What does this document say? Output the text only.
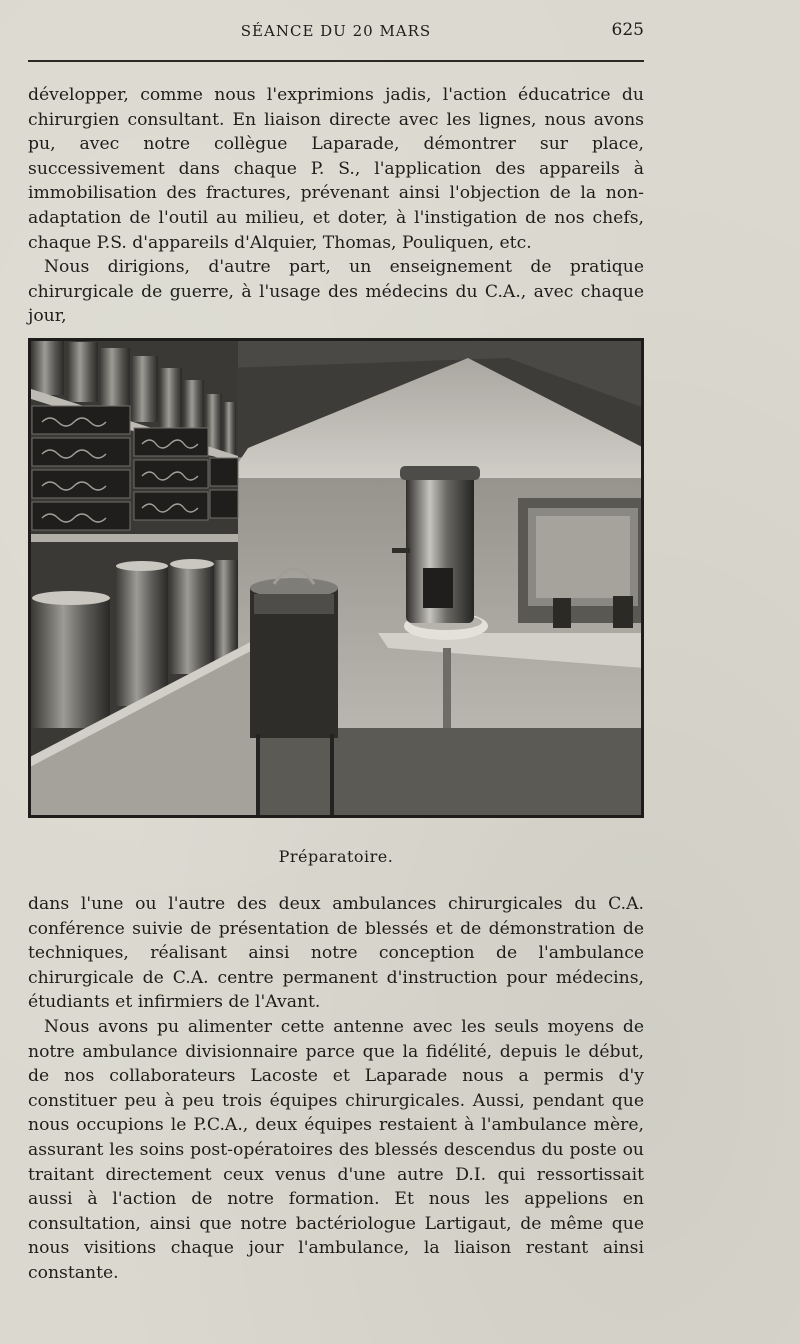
SÉANCE DU 20 MARS	625

développer, comme nous l'exprimions jadis, l'action éducatrice du chirurgien consultant. En liaison directe avec les lignes, nous avons pu, avec notre collègue Laparade, démontrer sur place, successivement dans chaque P. S., l'application des appareils à immobilisation des fractures, prévenant ainsi l'objection de la non-adaptation de l'outil au milieu, et doter, à l'instigation de nos chefs, chaque P.S. d'appareils d'Alquier, Thomas, Pouliquen, etc.

Nous dirigions, d'autre part, un enseignement de pratique chirurgicale de guerre, à l'usage des médecins du C.A., avec chaque jour,

Préparatoire.

dans l'une ou l'autre des deux ambulances chirurgicales du C.A. conférence suivie de présentation de blessés et de démonstration de techniques, réalisant ainsi notre conception de l'ambulance chirurgicale de C.A. centre permanent d'instruction pour médecins, étudiants et infirmiers de l'Avant.

Nous avons pu alimenter cette antenne avec les seuls moyens de notre ambulance divisionnaire parce que la fidélité, depuis le début, de nos collaborateurs Lacoste et Laparade nous a permis d'y constituer peu à peu trois équipes chirurgicales. Aussi, pendant que nous occupions le P.C.A., deux équipes restaient à l'ambulance mère, assurant les soins post-opératoires des blessés descendus du poste ou traitant directement ceux venus d'une autre D.I. qui ressortissait aussi à l'action de notre formation. Et nous les appelions en consultation, ainsi que notre bactériologue Lartigaut, de même que nous visitions chaque jour l'ambulance, la liaison restant ainsi constante.
